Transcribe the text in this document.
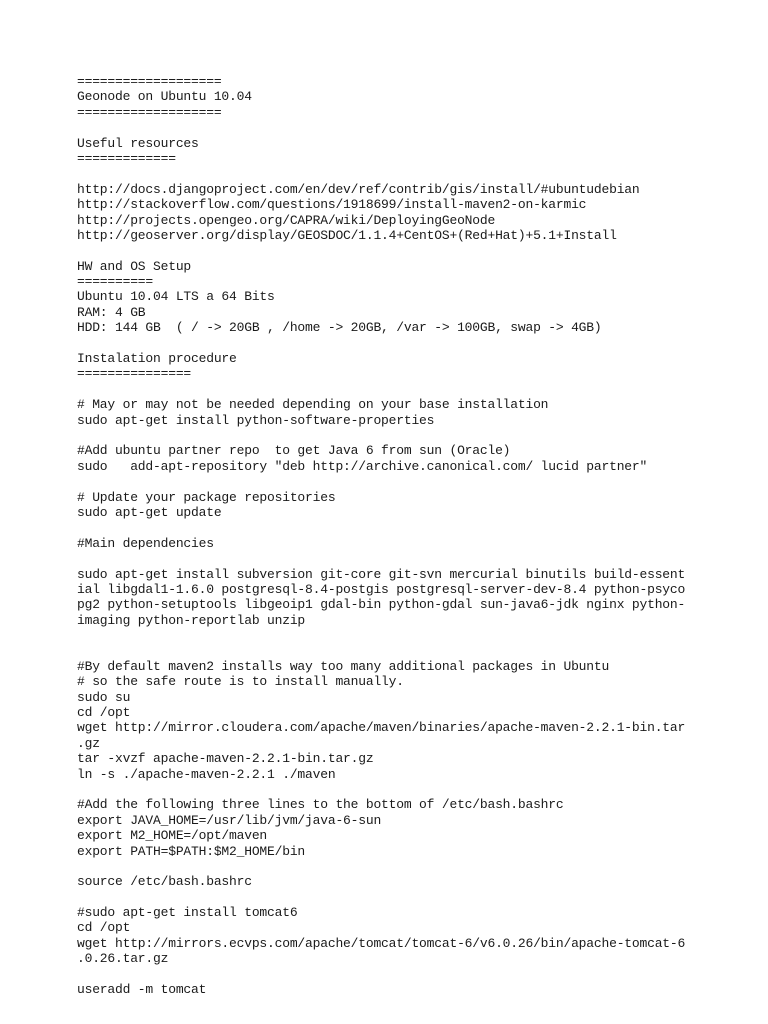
===================
Geonode on Ubuntu 10.04
===================
Useful resources
=============
http://docs.djangoproject.com/en/dev/ref/contrib/gis/install/#ubuntudebian
http://stackoverflow.com/questions/1918699/install-maven2-on-karmic
http://projects.opengeo.org/CAPRA/wiki/DeployingGeoNode
http://geoserver.org/display/GEOSDOC/1.1.4+CentOS+(Red+Hat)+5.1+Install
HW and OS Setup
==========
Ubuntu 10.04 LTS a 64 Bits
RAM: 4 GB
HDD: 144 GB  ( / -> 20GB , /home -> 20GB, /var -> 100GB, swap -> 4GB)
Instalation procedure
===============
# May or may not be needed depending on your base installation
sudo apt-get install python-software-properties
#Add ubuntu partner repo  to get Java 6 from sun (Oracle)
sudo   add-apt-repository "deb http://archive.canonical.com/ lucid partner"
# Update your package repositories
sudo apt-get update
#Main dependencies
sudo apt-get install subversion git-core git-svn mercurial binutils build-essent
ial libgdal1-1.6.0 postgresql-8.4-postgis postgresql-server-dev-8.4 python-psyco
pg2 python-setuptools libgeoip1 gdal-bin python-gdal sun-java6-jdk nginx python-
imaging python-reportlab unzip
#By default maven2 installs way too many additional packages in Ubuntu
# so the safe route is to install manually.
sudo su
cd /opt
wget http://mirror.cloudera.com/apache/maven/binaries/apache-maven-2.2.1-bin.tar
.gz
tar -xvzf apache-maven-2.2.1-bin.tar.gz
ln -s ./apache-maven-2.2.1 ./maven
#Add the following three lines to the bottom of /etc/bash.bashrc
export JAVA_HOME=/usr/lib/jvm/java-6-sun
export M2_HOME=/opt/maven
export PATH=$PATH:$M2_HOME/bin
source /etc/bash.bashrc
#sudo apt-get install tomcat6
cd /opt
wget http://mirrors.ecvps.com/apache/tomcat/tomcat-6/v6.0.26/bin/apache-tomcat-6
.0.26.tar.gz
useradd -m tomcat
